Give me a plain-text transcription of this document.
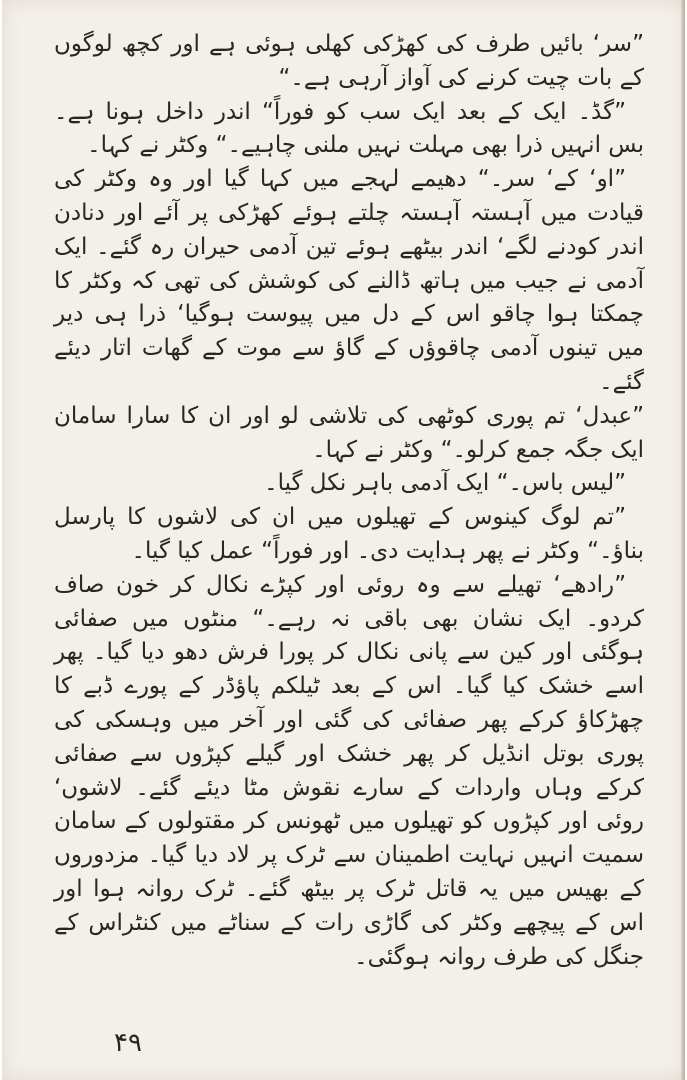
”سر‘ بائیں طرف کی کھڑکی کھلی ہوئی ہے اور کچھ لوگوں کے بات چیت کرنے کی آواز آرہی ہے۔“

”گڈ۔ ایک کے بعد ایک سب کو فوراً“ اندر داخل ہونا ہے۔ بس انہیں ذرا بھی مہلت نہیں ملنی چاہیے۔“ وکٹر نے کہا۔

”او‘ کے‘ سر۔“ دھیمے لہجے میں کہا گیا اور وہ وکٹر کی قیادت میں آہستہ آہستہ چلتے ہوئے کھڑکی پر آئے اور دنادن اندر کودنے لگے‘ اندر بیٹھے ہوئے تین آدمی حیران رہ گئے۔ ایک آدمی نے جیب میں ہاتھ ڈالنے کی کوشش کی تھی کہ وکٹر کا چمکتا ہوا چاقو اس کے دل میں پیوست ہوگیا‘ ذرا ہی دیر میں تینوں آدمی چاقوؤں کے گاؤ سے موت کے گھات اتار دیئے گئے۔

”عبدل‘ تم پوری کوٹھی کی تلاشی لو اور ان کا سارا سامان ایک جگہ جمع کرلو۔“ وکٹر نے کہا۔

”لیس باس۔“ ایک آدمی باہر نکل گیا۔

”تم لوگ کینوس کے تھیلوں میں ان کی لاشوں کا پارسل بناؤ۔“ وکٹر نے پھر ہدایت دی۔ اور فوراً“ عمل کیا گیا۔

”رادھے‘ تھیلے سے وہ روئی اور کپڑے نکال کر خون صاف کردو۔ ایک نشان بھی باقی نہ رہے۔“ منٹوں میں صفائی ہوگئی اور کین سے پانی نکال کر پورا فرش دھو دیا گیا۔ پھر اسے خشک کیا گیا۔ اس کے بعد ٹیلکم پاؤڈر کے پورے ڈبے کا چھڑکاؤ کرکے پھر صفائی کی گئی اور آخر میں وہسکی کی پوری بوتل انڈیل کر پھر خشک اور گیلے کپڑوں سے صفائی کرکے وہاں واردات کے سارے نقوش مٹا دیئے گئے۔ لاشوں‘ روئی اور کپڑوں کو تھیلوں میں ٹھونس کر مقتولوں کے سامان سمیت انہیں نہایت اطمینان سے ٹرک پر لاد دیا گیا۔ مزدوروں کے بھیس میں یہ قاتل ٹرک پر بیٹھ گئے۔ ٹرک روانہ ہوا اور اس کے پیچھے وکٹر کی گاڑی رات کے سناٹے میں کنٹراس کے جنگل کی طرف روانہ ہوگئی۔

۴۹
